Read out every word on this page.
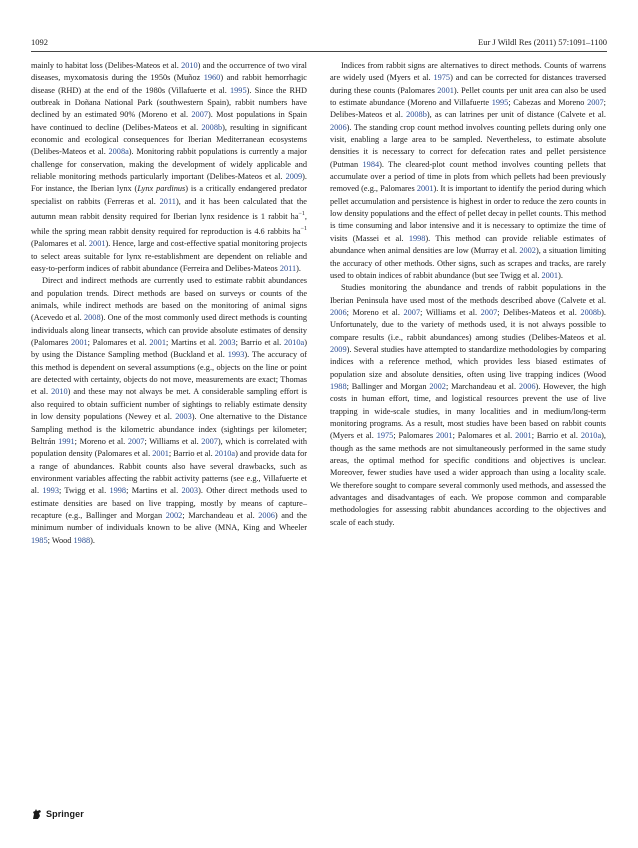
1092	Eur J Wildl Res (2011) 57:1091–1100

mainly to habitat loss (Delibes-Mateos et al. 2010) and the occurrence of two viral diseases, myxomatosis during the 1950s (Muñoz 1960) and rabbit hemorrhagic disease (RHD) at the end of the 1980s (Villafuerte et al. 1995). Since the RHD outbreak in Doñana National Park (southwestern Spain), rabbit numbers have declined by an estimated 90% (Moreno et al. 2007). Most populations in Spain have continued to decline (Delibes-Mateos et al. 2008b), resulting in significant economic and ecological consequences for Iberian Mediterranean ecosystems (Delibes-Mateos et al. 2008a). Monitoring rabbit populations is currently a major challenge for conservation, making the development of widely applicable and reliable monitoring methods particularly important (Delibes-Mateos et al. 2009). For instance, the Iberian lynx (Lynx pardinus) is a critically endangered predator specialist on rabbits (Ferreras et al. 2011), and it has been calculated that the autumn mean rabbit density required for Iberian lynx residence is 1 rabbit $ha^{-1}$, while the spring mean rabbit density required for reproduction is 4.6 rabbits $ha^{-1}$ (Palomares et al. 2001). Hence, large and cost-effective spatial monitoring projects to select areas suitable for lynx re-establishment are dependent on reliable and easy-to-perform indices of rabbit abundance (Ferreira and Delibes-Mateos 2011).

Direct and indirect methods are currently used to estimate rabbit abundances and population trends. Direct methods are based on surveys or counts of the animals, while indirect methods are based on the monitoring of animal signs (Acevedo et al. 2008). One of the most commonly used direct methods is counting individuals along linear transects, which can provide absolute estimates of density (Palomares 2001; Palomares et al. 2001; Martins et al. 2003; Barrio et al. 2010a) by using the Distance Sampling method (Buckland et al. 1993). The accuracy of this method is dependent on several assumptions (e.g., objects on the line or point are detected with certainty, objects do not move, measurements are exact; Thomas et al. 2010) and these may not always be met. A considerable sampling effort is also required to obtain sufficient number of sightings to reliably estimate density in low density populations (Newey et al. 2003). One alternative to the Distance Sampling method is the kilometric abundance index (sightings per kilometer; Beltrán 1991; Moreno et al. 2007; Williams et al. 2007), which is correlated with population density (Palomares et al. 2001; Barrio et al. 2010a) and provide data for a range of abundances. Rabbit counts also have several drawbacks, such as environment variables affecting the rabbit activity patterns (see e.g., Villafuerte et al. 1993; Twigg et al. 1998; Martins et al. 2003). Other direct methods used to estimate densities are based on live trapping, mostly by means of capture–recapture (e.g., Ballinger and Morgan 2002; Marchandeau et al. 2006) and the minimum number of individuals known to be alive (MNA, King and Wheeler 1985; Wood 1988).

Indices from rabbit signs are alternatives to direct methods. Counts of warrens are widely used (Myers et al. 1975) and can be corrected for distances traversed during these counts (Palomares 2001). Pellet counts per unit area can also be used to estimate abundance (Moreno and Villafuerte 1995; Cabezas and Moreno 2007; Delibes-Mateos et al. 2008b), as can latrines per unit of distance (Calvete et al. 2006). The standing crop count method involves counting pellets during only one visit, enabling a large area to be sampled. Nevertheless, to estimate absolute densities it is necessary to correct for defecation rates and pellet persistence (Putman 1984). The cleared-plot count method involves counting pellets that accumulate over a period of time in plots from which pellets had been previously removed (e.g., Palomares 2001). It is important to identify the period during which pellet accumulation and persistence is highest in order to reduce the zero counts in low density populations and the effect of pellet decay in pellet counts. This method is time consuming and labor intensive and it is necessary to optimize the time of visits (Massei et al. 1998). This method can provide reliable estimates of abundance when animal densities are low (Murray et al. 2002), a situation limiting the accuracy of other methods. Other signs, such as scrapes and tracks, are rarely used to obtain indices of rabbit abundance (but see Twigg et al. 2001).

Studies monitoring the abundance and trends of rabbit populations in the Iberian Peninsula have used most of the methods described above (Calvete et al. 2006; Moreno et al. 2007; Williams et al. 2007; Delibes-Mateos et al. 2008b). Unfortunately, due to the variety of methods used, it is not always possible to compare results (i.e., rabbit abundances) among studies (Delibes-Mateos et al. 2009). Several studies have attempted to standardize methodologies by comparing indices with a reference method, which provides less biased estimates of population size and absolute densities, often using live trapping indices (Wood 1988; Ballinger and Morgan 2002; Marchandeau et al. 2006). However, the high costs in human effort, time, and logistical resources prevent the use of live trapping in wide-scale studies, in many localities and in medium/long-term monitoring programs. As a result, most studies have been based on rabbit counts (Myers et al. 1975; Palomares 2001; Palomares et al. 2001; Barrio et al. 2010a), though as the same methods are not simultaneously performed in the same study areas, the optimal method for specific conditions and objectives is unclear. Moreover, fewer studies have used a wider approach than using a locality scale. We therefore sought to compare several commonly used methods, and assessed the advantages and disadvantages of each. We propose common and comparable methodologies for assessing rabbit abundances according to the objectives and scale of each study.

Springer
